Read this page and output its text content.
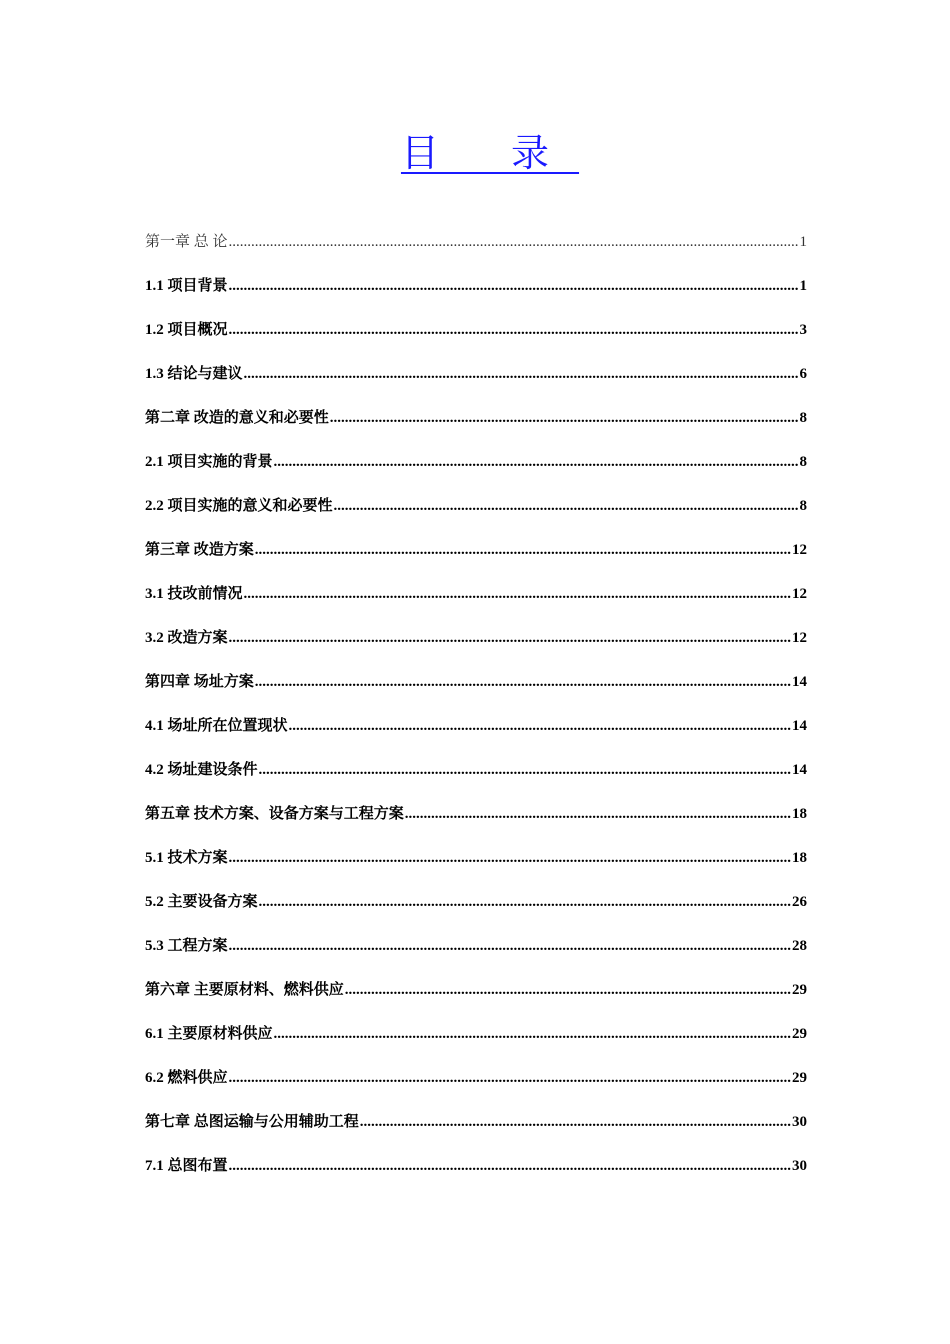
目 录
第一章 总 论 .....	1
1.1 项目背景 .....	1
1.2 项目概况 .....	3
1.3 结论与建议 .....	6
第二章 改造的意义和必要性 .....	8
2.1 项目实施的背景 .....	8
2.2 项目实施的意义和必要性 .....	8
第三章 改造方案 .....	12
3.1 技改前情况 .....	12
3.2 改造方案 .....	12
第四章 场址方案 .....	14
4.1 场址所在位置现状 .....	14
4.2 场址建设条件 .....	14
第五章 技术方案、设备方案与工程方案 .....	18
5.1 技术方案 .....	18
5.2 主要设备方案 .....	26
5.3 工程方案 .....	28
第六章 主要原材料、燃料供应 .....	29
6.1 主要原材料供应 .....	29
6.2 燃料供应 .....	29
第七章 总图运输与公用辅助工程 .....	30
7.1 总图布置 .....	30
